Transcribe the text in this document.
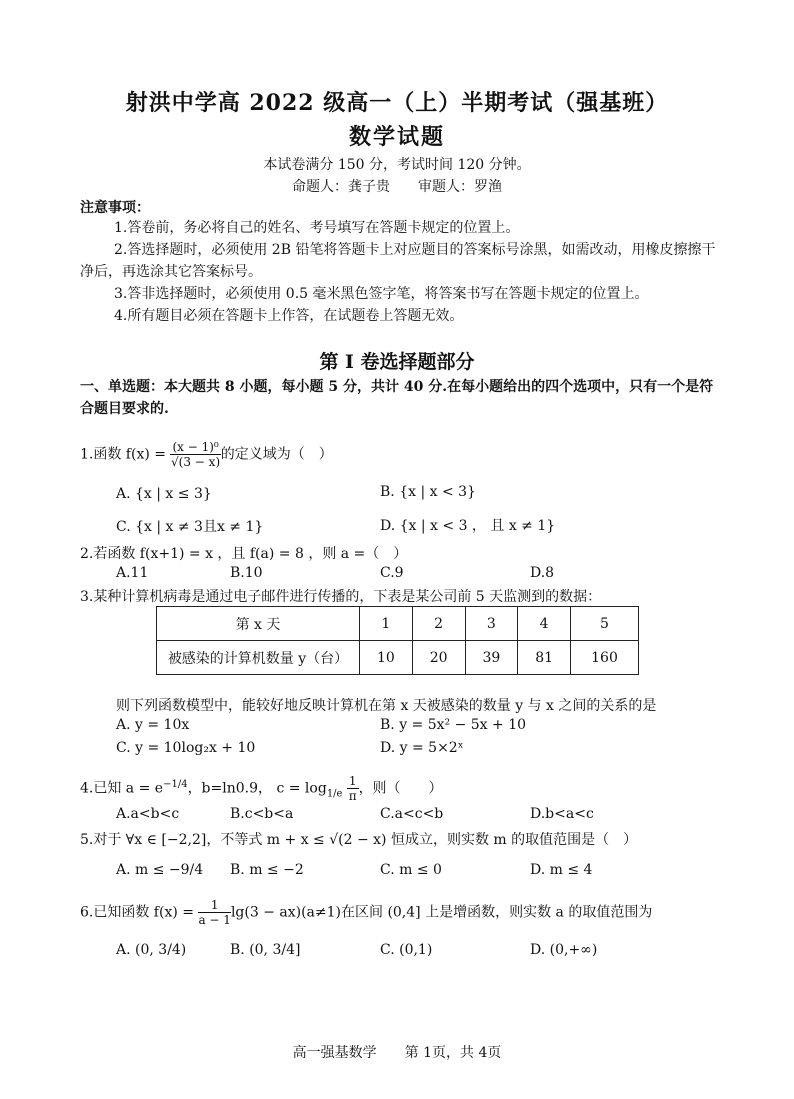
射洪中学高 2022 级高一（上）半期考试（强基班）
数学试题
本试卷满分 150 分，考试时间 120 分钟。
命题人：龚子贵　　审题人：罗渔
注意事项：
1.答卷前，务必将自己的姓名、考号填写在答题卡规定的位置上。
2.答选择题时，必须使用 2B 铅笔将答题卡上对应题目的答案标号涂黑，如需改动，用橡皮擦擦干净后，再选涂其它答案标号。
3.答非选择题时，必须使用 0.5 毫米黑色签字笔，将答案书写在答题卡规定的位置上。
4.所有题目必须在答题卡上作答，在试题卷上答题无效。
第 I 卷选择题部分
一、单选题：本大题共 8 小题，每小题 5 分，共计 40 分.在每小题给出的四个选项中，只有一个是符合题目要求的.
1.函数 $f(x) = \frac{\text{(x − 1)⁰}}{√(3 - x)}$ 的定义域为（　）
A. {x | x ≤ 3}	B. {x | x < 3}
C. {x | x ≠ 3且x ≠ 1}	D. {x | x < 3 ， 且 x ≠ 1}
2.若函数 f(x+1) = x ，且 f(a) = 8 ，则 a =（　）
A.11	B.10	C.9	D.8
3.某种计算机病毒是通过电子邮件进行传播的，下表是某公司前 5 天监测到的数据：
第 x 天	1	2	3	4	5
被感染的计算机数量 y（台）	10	20	39	81	160
则下列函数模型中，能较好地反映计算机在第 x 天被感染的数量 y 与 x 之间的关系的是
A. y = 10x	B. y = 5x² − 5x + 10
C. y = 10log₂x + 10	D. y = 5×2ˣ
4.已知 $a = e^{-1/4}$，b=ln0.9， $c = \log_{1/e} \frac{1}{\pi}$ ，则（　　）
A.a<b<c	B.c<b<a	C.a<c<b	D.b<a<c
5.对于 ∀x ∈ [−2,2]，不等式 m + x ≤ √(2 − x) 恒成立，则实数 m 的取值范围是（　）
A. m ≤ −9/4 B. m ≤ −2	C. m ≤ 0	D. m ≤ 4
6.已知函数 $f(x) = \frac{1}{a - 1} \lg(3 - ax)(a\ne 1)$在区间 (0,4] 上是增函数，则实数 a 的取值范围为
A. (0, 3/4)	B. (0, 3/4]	C. (0,1)	D. (0,+∞)
高一强基数学　　第 1页，共 4页
